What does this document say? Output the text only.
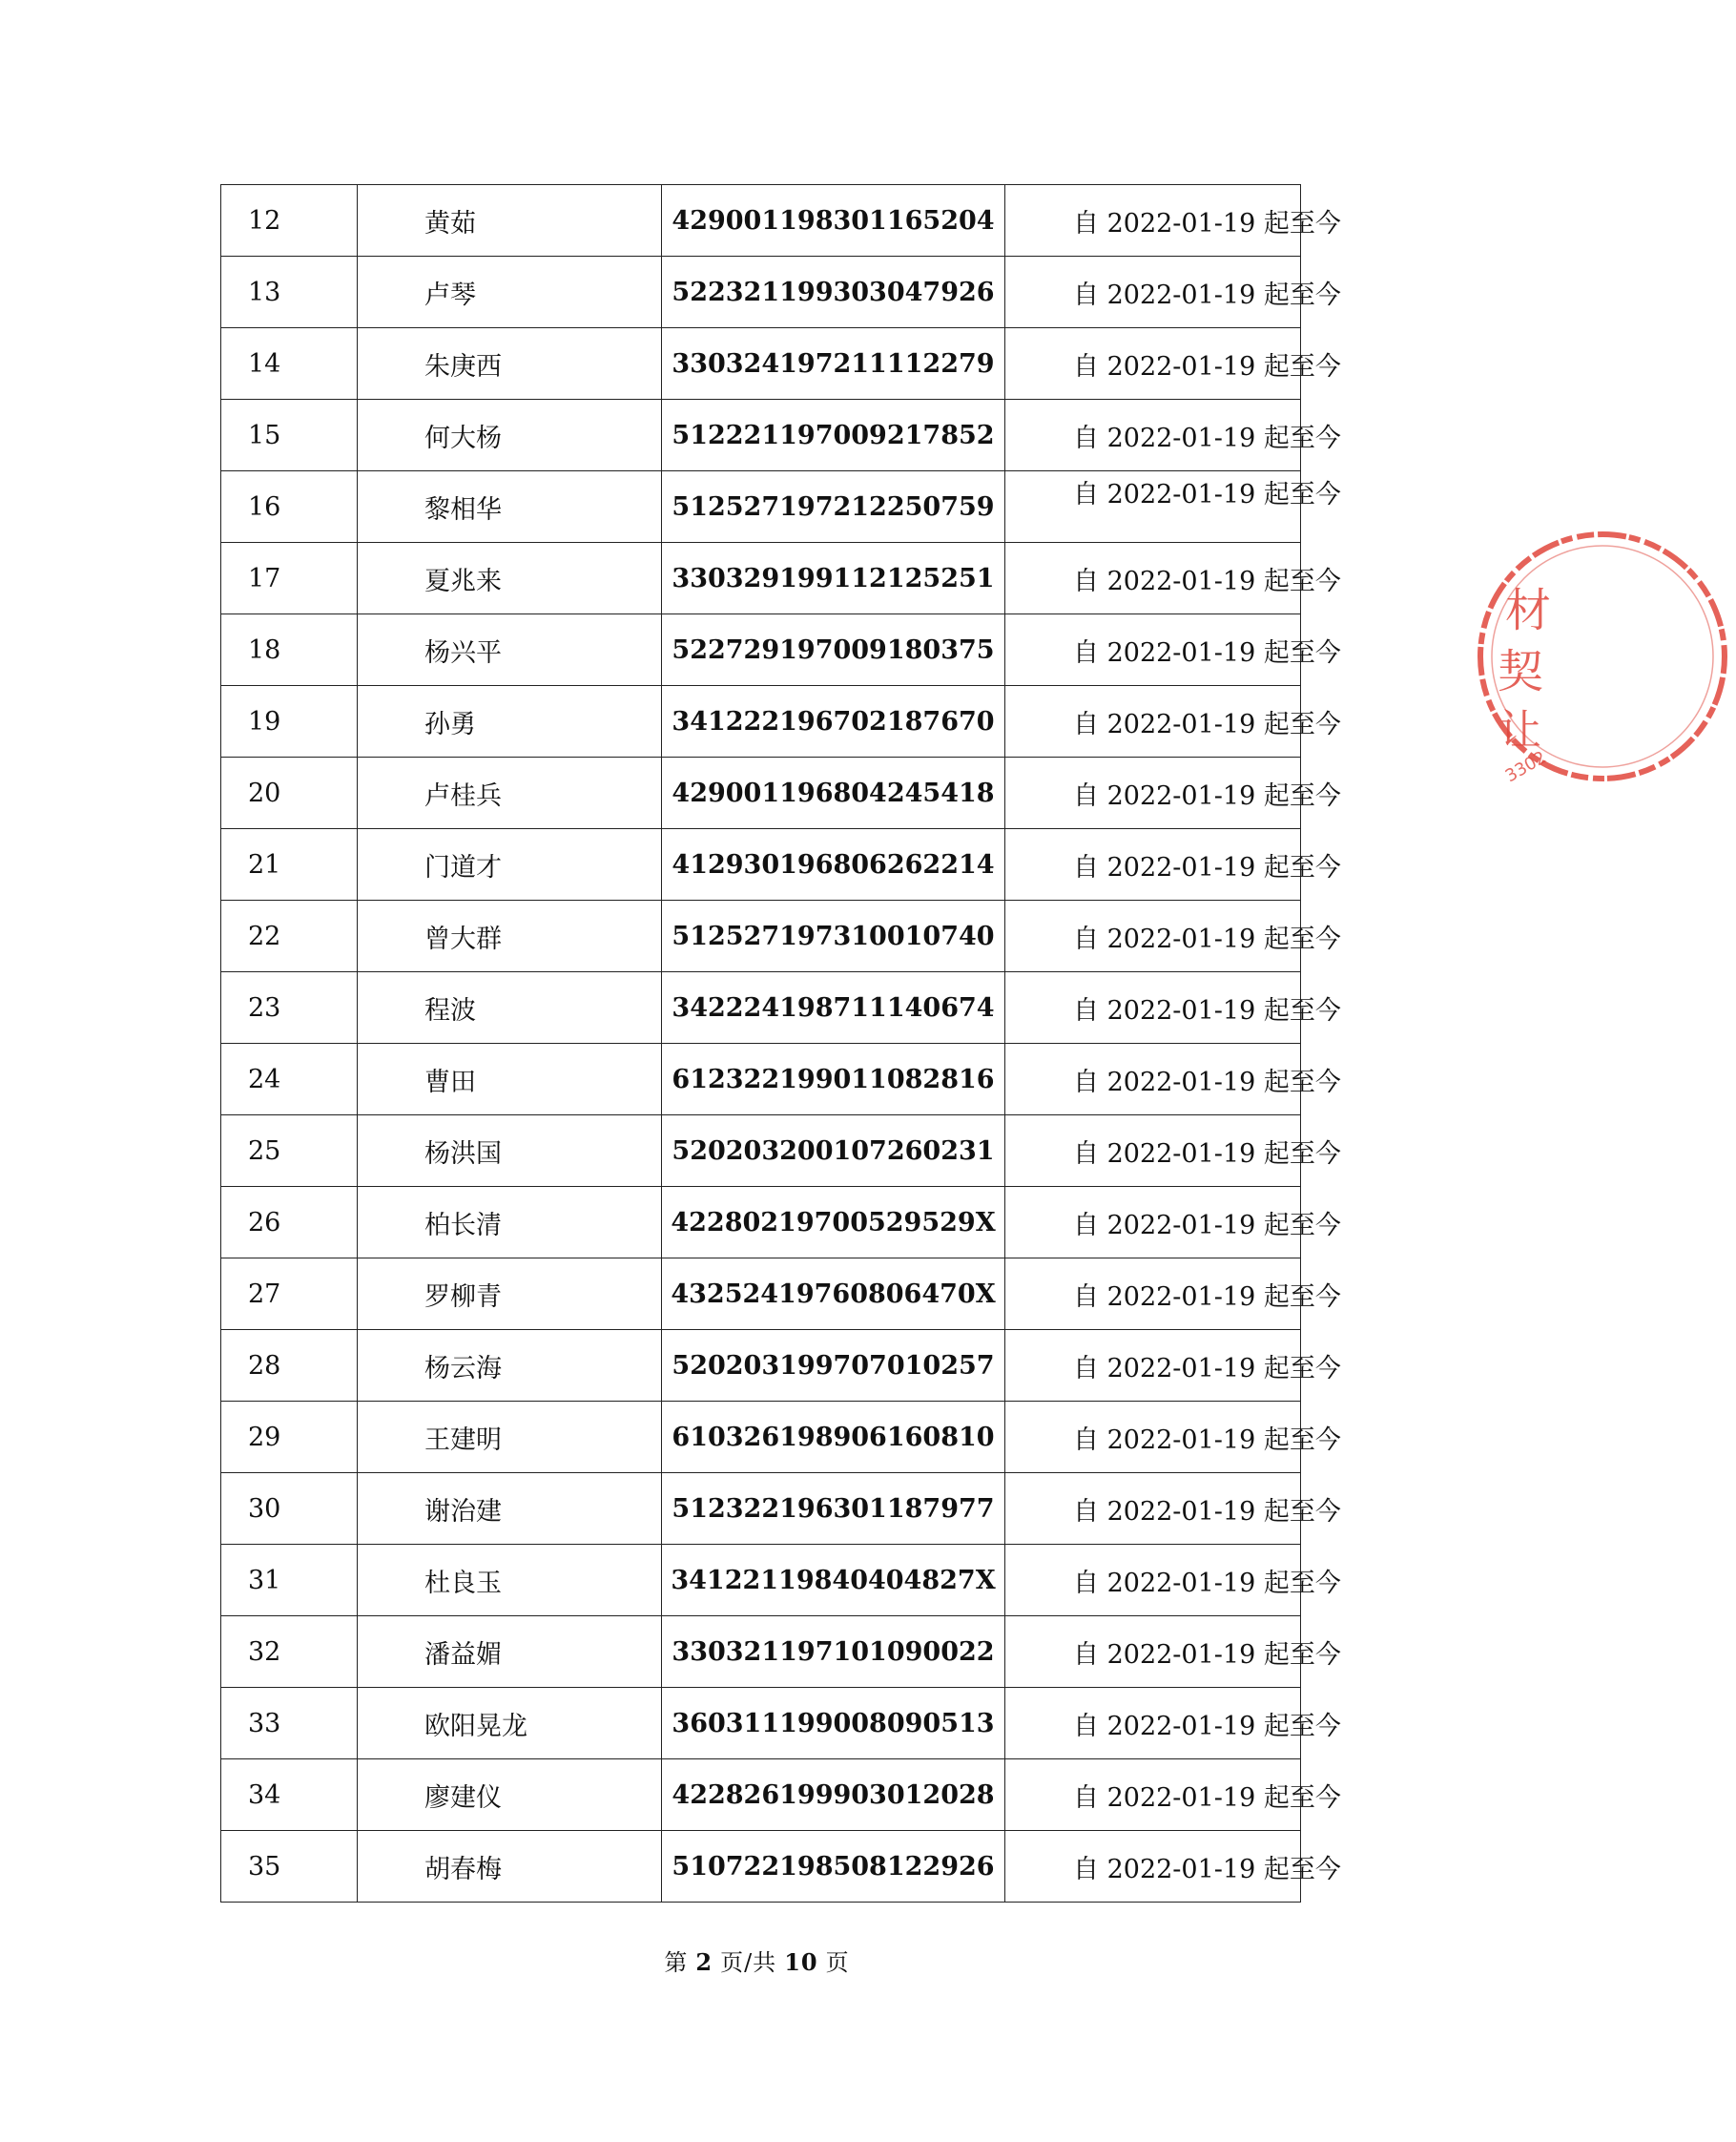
12	黄茹	429001198301165204	自 2022-01-19 起至今
13	卢琴	522321199303047926	自 2022-01-19 起至今
14	朱庚西	330324197211112279	自 2022-01-19 起至今
15	何大杨	512221197009217852	自 2022-01-19 起至今
16	黎相华	512527197212250759	自 2022-01-19 起至今
17	夏兆来	330329199112125251	自 2022-01-19 起至今
18	杨兴平	522729197009180375	自 2022-01-19 起至今
19	孙勇	341222196702187670	自 2022-01-19 起至今
20	卢桂兵	429001196804245418	自 2022-01-19 起至今
21	门道才	412930196806262214	自 2022-01-19 起至今
22	曾大群	512527197310010740	自 2022-01-19 起至今
23	程波	342224198711140674	自 2022-01-19 起至今
24	曹田	612322199011082816	自 2022-01-19 起至今
25	杨洪国	520203200107260231	自 2022-01-19 起至今
26	柏长清	42280219700529529X	自 2022-01-19 起至今
27	罗柳青	43252419760806470X	自 2022-01-19 起至今
28	杨云海	520203199707010257	自 2022-01-19 起至今
29	王建明	610326198906160810	自 2022-01-19 起至今
30	谢治建	512322196301187977	自 2022-01-19 起至今
31	杜良玉	34122119840404827X	自 2022-01-19 起至今
32	潘益媚	330321197101090022	自 2022-01-19 起至今
33	欧阳晃龙	360311199008090513	自 2022-01-19 起至今
34	廖建仪	422826199903012028	自 2022-01-19 起至今
35	胡春梅	510722198508122926	自 2022-01-19 起至今
第 2 页/共 10 页
材
契
让
3302
